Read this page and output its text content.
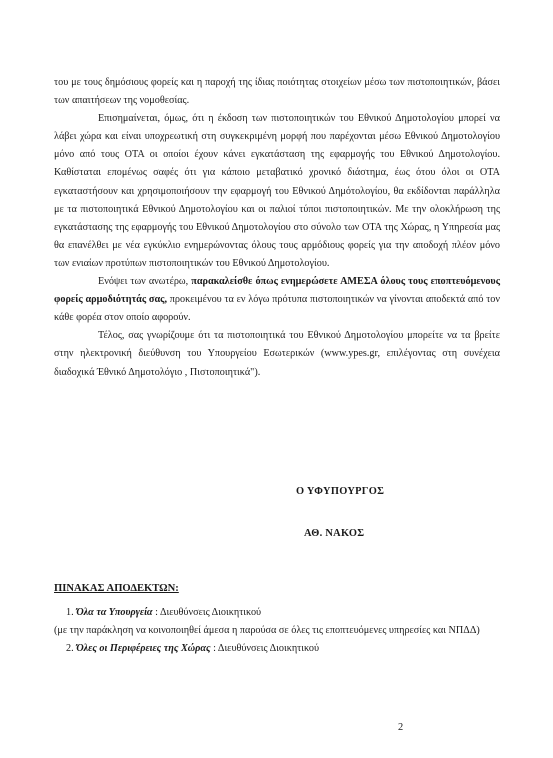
του με τους δημόσιους φορείς και η παροχή της ίδιας ποιότητας στοιχείων μέσω των πιστοποιητικών, βάσει των απαιτήσεων της νομοθεσίας.

Επισημαίνεται, όμως, ότι η έκδοση των πιστοποιητικών του Εθνικού Δημοτολογίου μπορεί να λάβει χώρα και είναι υποχρεωτική στη συγκεκριμένη μορφή που παρέχονται μέσω Εθνικού Δημοτολογίου μόνο από τους ΟΤΑ οι οποίοι έχουν κάνει εγκατάσταση της εφαρμογής του Εθνικού Δημοτολογίου. Καθίσταται επομένως σαφές ότι για κάποιο μεταβατικό χρονικό διάστημα, έως ότου όλοι οι ΟΤΑ εγκαταστήσουν και χρησιμοποιήσουν την εφαρμογή του Εθνικού Δημότολογίου, θα εκδίδονται παράλληλα με τα πιστοποιητικά Εθνικού Δημοτολογίου και οι παλιοί τύποι πιστοποιητικών. Με την ολοκλήρωση της εγκατάστασης της εφαρμογής του Εθνικού Δημοτολογίου στο σύνολο των ΟΤΑ της Χώρας, η Υπηρεσία μας θα επανέλθει με νέα εγκύκλιο ενημερώνοντας όλους τους αρμόδιους φορείς για την αποδοχή πλέον μόνο των ενιαίων προτύπων πιστοποιητικών του Εθνικού Δημοτολογίου.

Ενόψει των ανωτέρω, παρακαλείσθε όπως ενημερώσετε ΑΜΕΣΑ όλους τους εποπτευόμενους φορείς αρμοδιότητάς σας, προκειμένου τα εν λόγω πρότυπα πιστοποιητικών να γίνονται αποδεκτά από τον κάθε φορέα στον οποίο αφορούν.

Τέλος, σας γνωρίζουμε ότι τα πιστοποιητικά του Εθνικού Δημοτολογίου μπορείτε να τα βρείτε στην ηλεκτρονική διεύθυνση του Υπουργείου Εσωτερικών (www.ypes.gr, επιλέγοντας στη συνέχεια διαδοχικά Έθνικό Δημοτολόγιο , Πιστοποιητικά").

Ο ΥΦΥΠΟΥΡΓΟΣ
ΑΘ. ΝΑΚΟΣ
ΠΙΝΑΚΑΣ ΑΠΟΔΕΚΤΩΝ:
1. Όλα τα Υπουργεία : Διευθύνσεις Διοικητικού
(με την παράκληση να κοινοποιηθεί άμεσα η παρούσα σε όλες τις εποπτευόμενες υπηρεσίες και ΝΠΔΔ)
2. Όλες οι Περιφέρειες της Χώρας : Διευθύνσεις Διοικητικού
2
